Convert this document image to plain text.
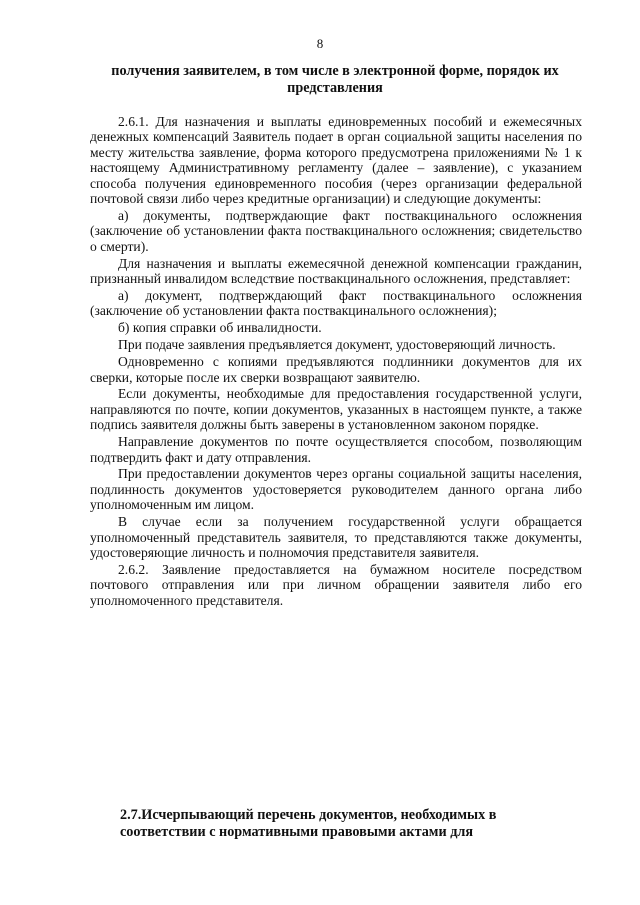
8
получения заявителем, в том числе в электронной форме, порядок их представления

2.6.1. Для назначения и выплаты единовременных пособий и ежемесячных денежных компенсаций Заявитель подает в орган социальной защиты населения по месту жительства заявление, форма которого предусмотрена приложениями № 1 к настоящему Административному регламенту (далее – заявление), с указанием способа получения единовременного пособия (через организации федеральной почтовой связи либо через кредитные организации) и следующие документы:

а) документы, подтверждающие факт поствакцинального осложнения (заключение об установлении факта поствакцинального осложнения; свидетельство о смерти).

Для назначения и выплаты ежемесячной денежной компенсации гражданин, признанный инвалидом вследствие поствакцинального осложнения, представляет:

а) документ, подтверждающий факт поствакцинального осложнения (заключение об установлении факта поствакцинального осложнения);

б) копия справки об инвалидности.

При подаче заявления предъявляется документ, удостоверяющий личность.

Одновременно с копиями предъявляются подлинники документов для их сверки, которые после их сверки возвращают заявителю.

Если документы, необходимые для предоставления государственной услуги, направляются по почте, копии документов, указанных в настоящем пункте, а также подпись заявителя должны быть заверены в установленном законом порядке.

Направление документов по почте осуществляется способом, позволяющим подтвердить факт и дату отправления.

При предоставлении документов через органы социальной защиты населения, подлинность документов удостоверяется руководителем данного органа либо уполномоченным им лицом.

В случае если за получением государственной услуги обращается уполномоченный представитель заявителя, то представляются также документы, удостоверяющие личность и полномочия представителя заявителя.

2.6.2. Заявление предоставляется на бумажном носителе посредством почтового отправления или при личном обращении заявителя либо его уполномоченного представителя.

2.7.Исчерпывающий перечень документов, необходимых в соответствии с нормативными правовыми актами для
